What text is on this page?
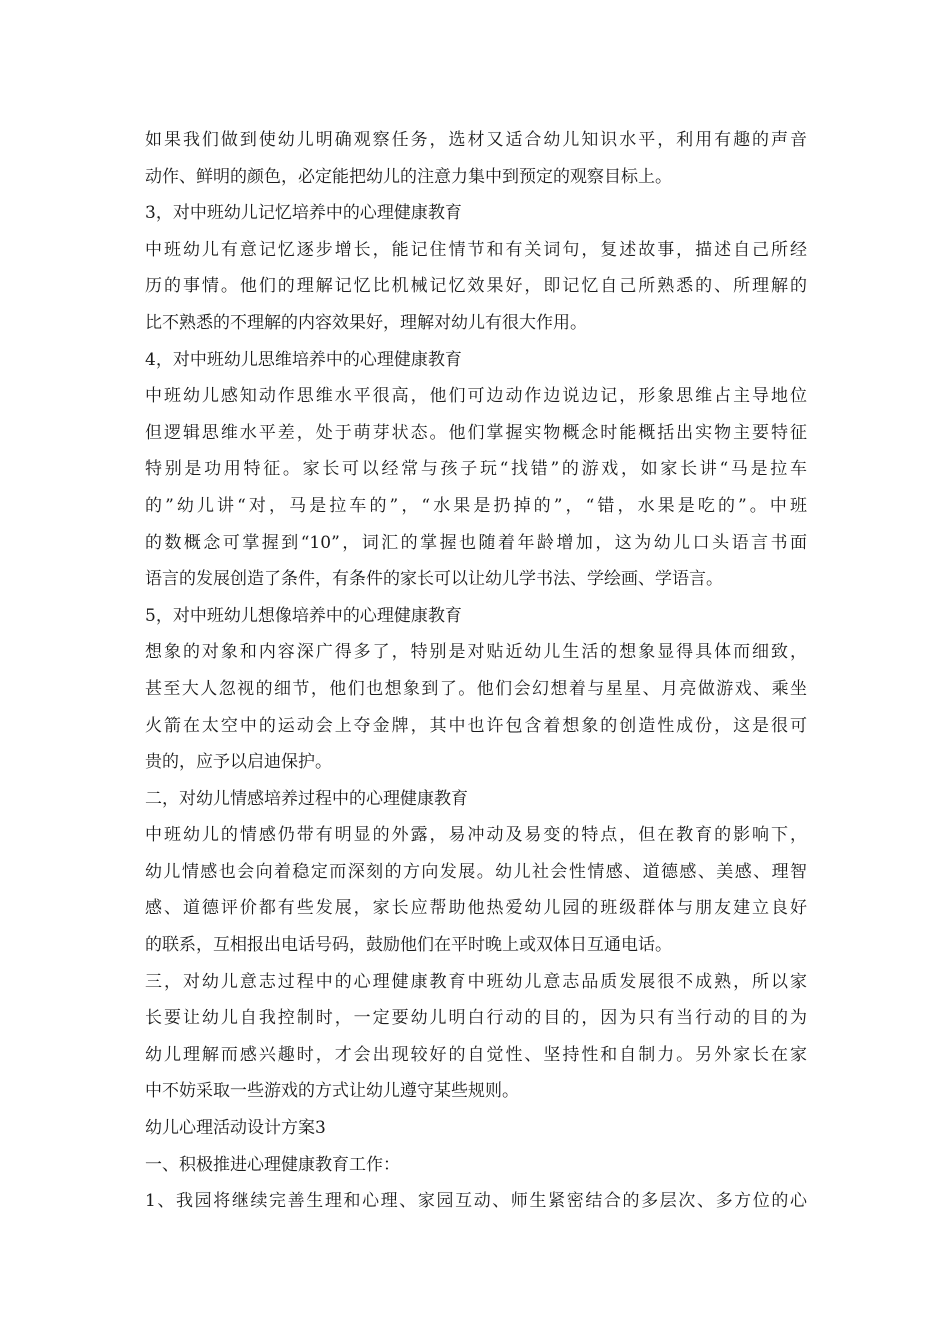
如果我们做到使幼儿明确观察任务，选材又适合幼儿知识水平，利用有趣的声音
动作、鲜明的颜色，必定能把幼儿的注意力集中到预定的观察目标上。
3，对中班幼儿记忆培养中的心理健康教育
中班幼儿有意记忆逐步增长，能记住情节和有关词句，复述故事，描述自己所经
历的事情。他们的理解记忆比机械记忆效果好，即记忆自己所熟悉的、所理解的
比不熟悉的不理解的内容效果好，理解对幼儿有很大作用。
4，对中班幼儿思维培养中的心理健康教育
中班幼儿感知动作思维水平很高，他们可边动作边说边记，形象思维占主导地位
但逻辑思维水平差，处于萌芽状态。他们掌握实物概念时能概括出实物主要特征
特别是功用特征。家长可以经常与孩子玩“找错”的游戏，如家长讲“马是拉车
的”幼儿讲“对，马是拉车的”，“水果是扔掉的”，“错，水果是吃的”。中班
的数概念可掌握到“10”，词汇的掌握也随着年龄增加，这为幼儿口头语言书面
语言的发展创造了条件，有条件的家长可以让幼儿学书法、学绘画、学语言。
5，对中班幼儿想像培养中的心理健康教育
想象的对象和内容深广得多了，特别是对贴近幼儿生活的想象显得具体而细致，
甚至大人忽视的细节，他们也想象到了。他们会幻想着与星星、月亮做游戏、乘坐
火箭在太空中的运动会上夺金牌，其中也许包含着想象的创造性成份，这是很可
贵的，应予以启迪保护。
二，对幼儿情感培养过程中的心理健康教育
中班幼儿的情感仍带有明显的外露，易冲动及易变的特点，但在教育的影响下，
幼儿情感也会向着稳定而深刻的方向发展。幼儿社会性情感、道德感、美感、理智
感、道德评价都有些发展，家长应帮助他热爱幼儿园的班级群体与朋友建立良好
的联系，互相报出电话号码，鼓励他们在平时晚上或双体日互通电话。
三，对幼儿意志过程中的心理健康教育中班幼儿意志品质发展很不成熟，所以家
长要让幼儿自我控制时，一定要幼儿明白行动的目的，因为只有当行动的目的为
幼儿理解而感兴趣时，才会出现较好的自觉性、坚持性和自制力。另外家长在家
中不妨采取一些游戏的方式让幼儿遵守某些规则。
幼儿心理活动设计方案3
一、积极推进心理健康教育工作：
1、我园将继续完善生理和心理、家园互动、师生紧密结合的多层次、多方位的心
